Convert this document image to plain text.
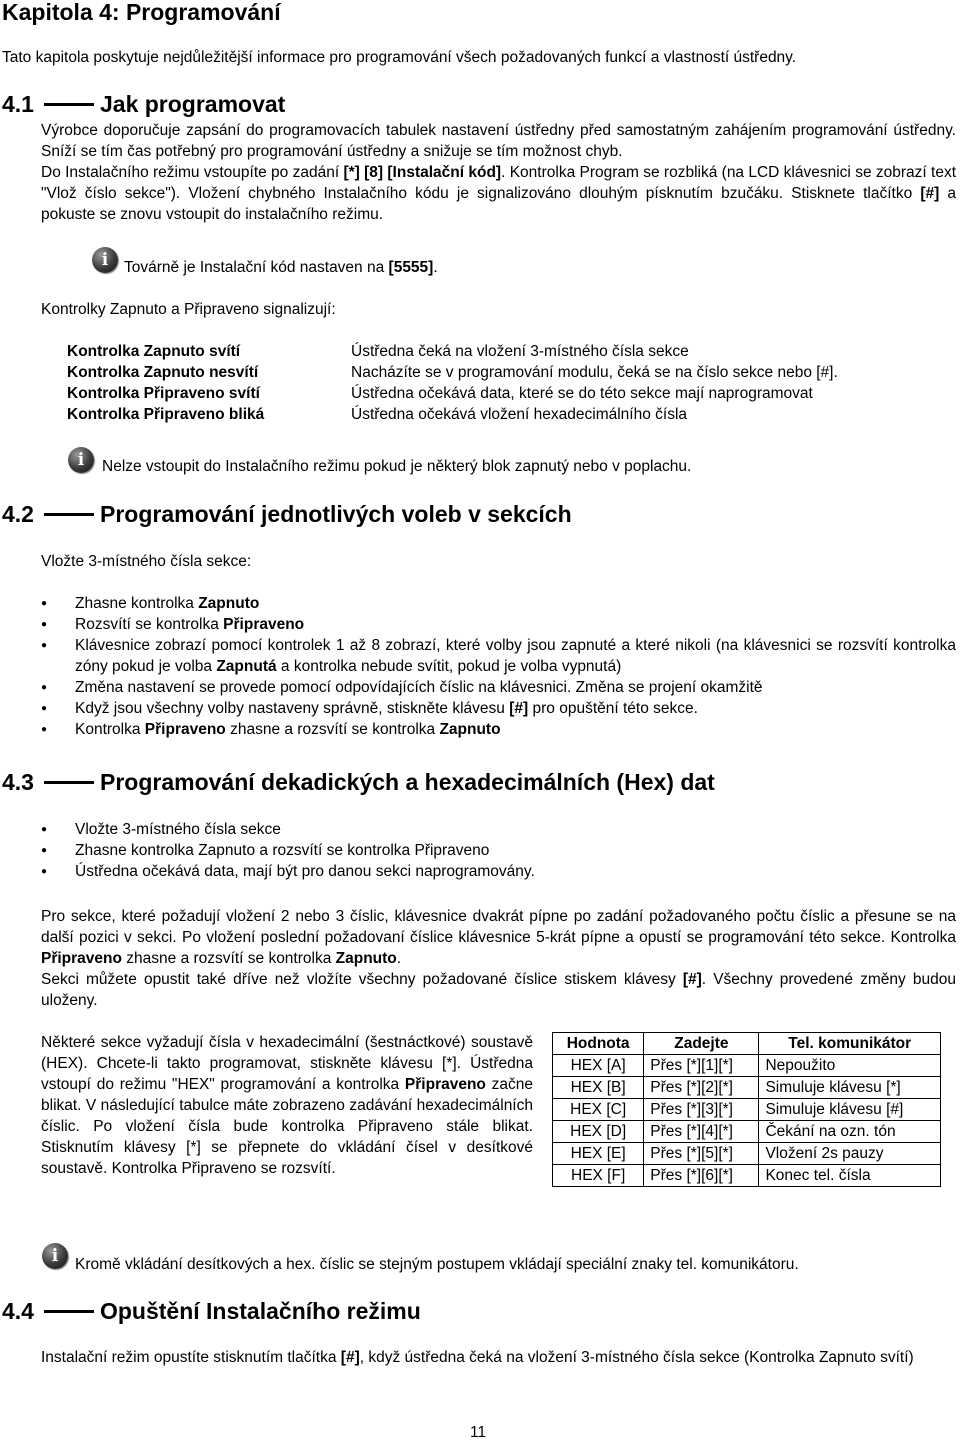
Kapitola 4: Programování

Tato kapitola poskytuje nejdůležitější informace pro programování všech požadovaných funkcí a vlastností ústředny.

4.1	Jak programovat

Výrobce doporučuje zapsání do programovacích tabulek nastavení ústředny před samostatným zahájením programování ústředny. Sníží se tím čas potřebný pro programování ústředny a snižuje se tím možnost chyb.

Do Instalačního režimu vstoupíte po zadání [*] [8] [Instalační kód]. Kontrolka Program se rozbliká (na LCD klávesnici se zobrazí text "Vlož číslo sekce"). Vložení chybného Instalačního kódu je signalizováno dlouhým písknutím bzučáku. Stisknete tlačítko [#] a pokuste se znovu vstoupit do instalačního režimu.

i	Továrně je Instalační kód nastaven na [5555].

Kontrolky Zapnuto a Připraveno signalizují:

Kontrolka Zapnuto svítí	Ústředna čeká na vložení 3-místného čísla sekce
Kontrolka Zapnuto nesvítí	Nacházíte se v programování modulu, čeká se na číslo sekce nebo [#].
Kontrolka Připraveno svítí	Ústředna očekává data, které se do této sekce mají naprogramovat
Kontrolka Připraveno bliká	Ústředna očekává vložení hexadecimálního čísla
i	Nelze vstoupit do Instalačního režimu pokud je některý blok zapnutý nebo v poplachu.

4.2	Programování jednotlivých voleb v sekcích

Vložte 3-místného čísla sekce:

● Zhasne kontrolka Zapnuto
● Rozsvítí se kontrolka Připraveno
● Klávesnice zobrazí pomocí kontrolek 1 až 8 zobrazí, které volby jsou zapnuté a které nikoli (na klávesnici se rozsvítí kontrolka zóny pokud je volba Zapnutá a kontrolka nebude svítit, pokud je volba vypnutá)
● Změna nastavení se provede pomocí odpovídajících číslic na klávesnici. Změna se projení okamžitě
● Když jsou všechny volby nastaveny správně, stiskněte klávesu [#] pro opuštění této sekce.
● Kontrolka Připraveno zhasne a rozsvítí se kontrolka Zapnuto
4.3	Programování dekadických a hexadecimálních (Hex) dat
● Vložte 3-místného čísla sekce
● Zhasne kontrolka Zapnuto a rozsvítí se kontrolka Připraveno
● Ústředna očekává data, mají být pro danou sekci naprogramovány.

Pro sekce, které požadují vložení 2 nebo 3 číslic, klávesnice dvakrát pípne po zadání požadovaného počtu číslic a přesune se na další pozici v sekci. Po vložení poslední požadovaní číslice klávesnice 5-krát pípne a opustí se programování této sekce. Kontrolka Připraveno zhasne a rozsvítí se kontrolka Zapnuto.

Sekci můžete opustit také dříve než vložíte všechny požadované číslice stiskem klávesy [#]. Všechny provedené změny budou uloženy.

Některé sekce vyžadují čísla v hexadecimální (šestnáctkové) soustavě (HEX). Chcete-li takto programovat, stiskněte klávesu [*]. Ústředna vstoupí do režimu "HEX" programování a kontrolka Připraveno začne blikat. V následující tabulce máte zobrazeno zadávání hexadecimálních číslic. Po vložení čísla bude kontrolka Připraveno stále blikat. Stisknutím klávesy [*] se přepnete do vkládání čísel v desítkové soustavě. Kontrolka Připraveno se rozsvítí.

Hodnota	Zadejte	Tel. komunikátor
HEX [A]	Přes [*][1][*]	Nepoužito
HEX [B]	Přes [*][2][*]	Simuluje klávesu [*]
HEX [C]	Přes [*][3][*]	Simuluje klávesu [#]
HEX [D]	Přes [*][4][*]	Čekání na ozn. tón
HEX [E]	Přes [*][5][*]	Vložení 2s pauzy
HEX [F]	Přes [*][6][*]	Konec tel. čísla
i	Kromě vkládání desítkových a hex. číslic se stejným postupem vkládají speciální znaky tel. komunikátoru.

4.4	Opuštění Instalačního režimu

Instalační režim opustíte stisknutím tlačítka [#], když ústředna čeká na vložení 3-místného čísla sekce (Kontrolka Zapnuto svítí)

11
